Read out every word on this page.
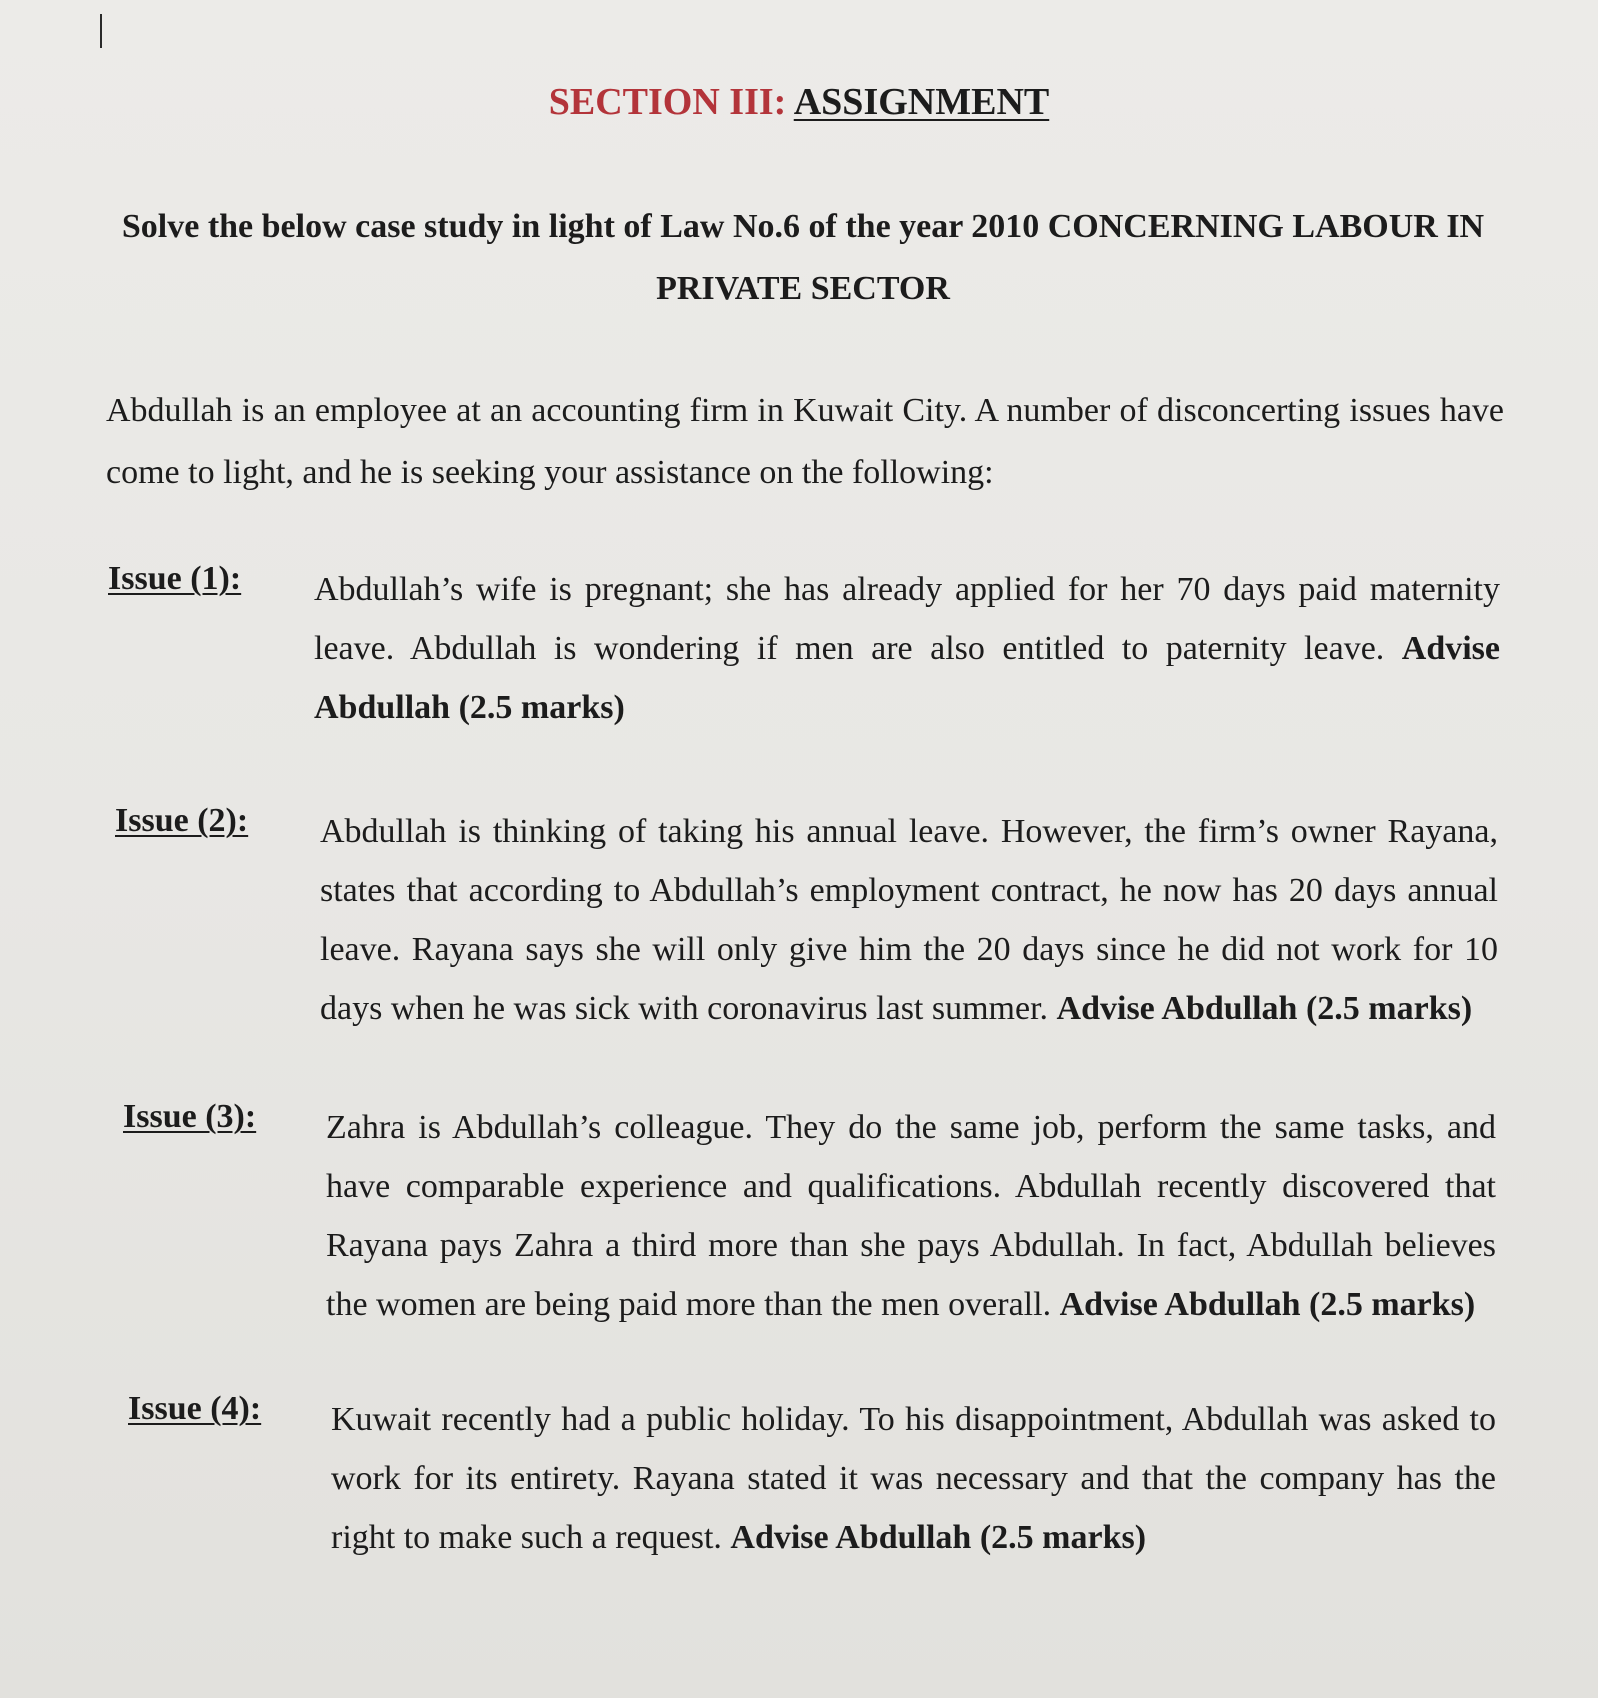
SECTION III: ASSIGNMENT
Solve the below case study in light of Law No.6 of the year 2010 CONCERNING LABOUR IN PRIVATE SECTOR
Abdullah is an employee at an accounting firm in Kuwait City. A number of disconcerting issues have come to light, and he is seeking your assistance on the following:
Issue (1): Abdullah’s wife is pregnant; she has already applied for her 70 days paid maternity leave. Abdullah is wondering if men are also entitled to paternity leave. Advise Abdullah (2.5 marks)
Issue (2): Abdullah is thinking of taking his annual leave. However, the firm’s owner Rayana, states that according to Abdullah’s employment contract, he now has 20 days annual leave. Rayana says she will only give him the 20 days since he did not work for 10 days when he was sick with coronavirus last summer. Advise Abdullah (2.5 marks)
Issue (3): Zahra is Abdullah’s colleague. They do the same job, perform the same tasks, and have comparable experience and qualifications. Abdullah recently discovered that Rayana pays Zahra a third more than she pays Abdullah. In fact, Abdullah believes the women are being paid more than the men overall. Advise Abdullah (2.5 marks)
Issue (4): Kuwait recently had a public holiday. To his disappointment, Abdullah was asked to work for its entirety. Rayana stated it was necessary and that the company has the right to make such a request. Advise Abdullah (2.5 marks)
